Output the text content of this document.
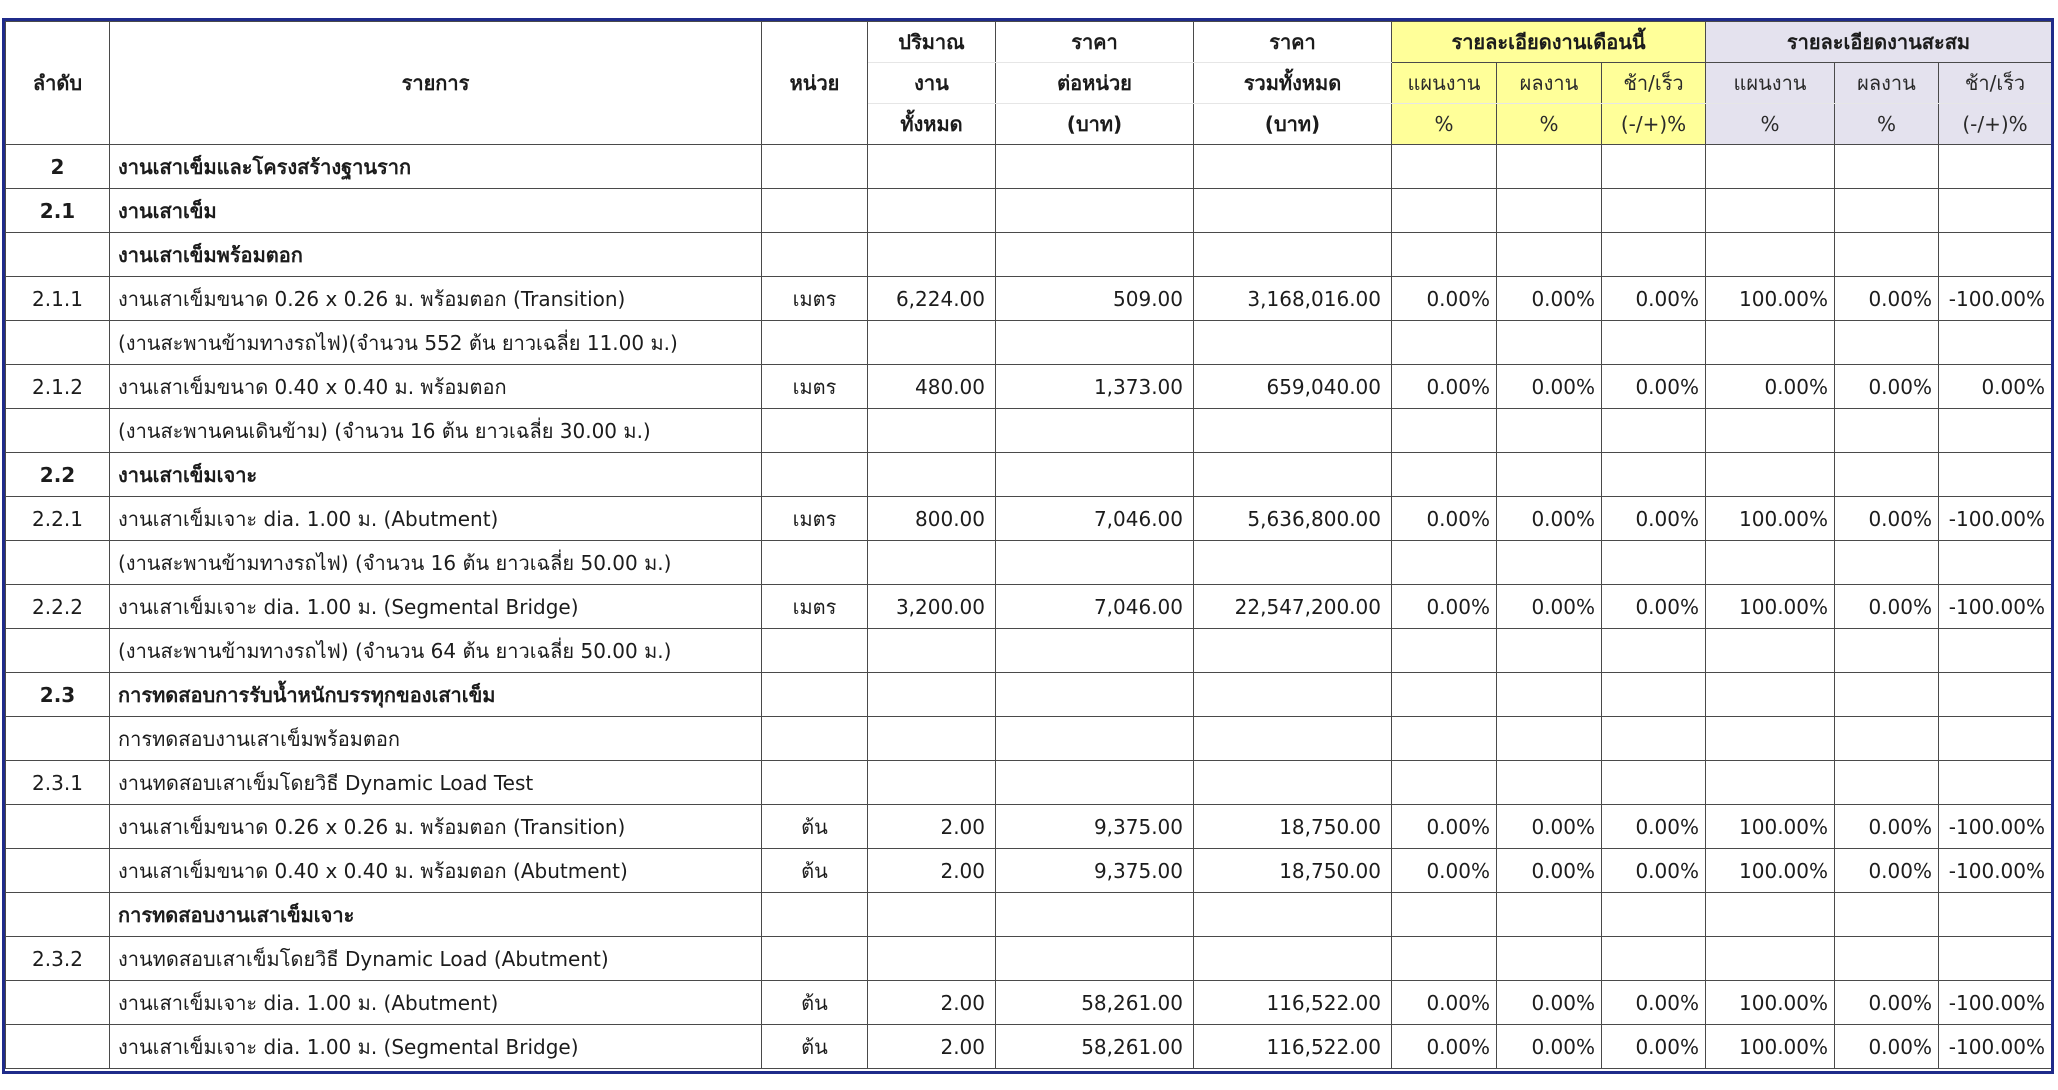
ลำดับ	รายการ	หน่วย	ปริมาณ	ราคา	ราคา	รายละเอียดงานเดือนนี้			รายละเอียดงานสะสม		
			งาน	ต่อหน่วย	รวมทั้งหมด	แผนงาน	ผลงาน	ช้า/เร็ว	แผนงาน	ผลงาน	ช้า/เร็ว
			ทั้งหมด	(บาท)	(บาท)	%	%	(-/+)%	%	%	(-/+)%
2	งานเสาเข็มและโครงสร้างฐานราก										
2.1	งานเสาเข็ม										
	งานเสาเข็มพร้อมตอก										
2.1.1	งานเสาเข็มขนาด 0.26 x 0.26 ม. พร้อมตอก (Transition)	เมตร	6,224.00	509.00	3,168,016.00	0.00%	0.00%	0.00%	100.00%	0.00%	-100.00%
	(งานสะพานข้ามทางรถไฟ)(จำนวน 552 ต้น ยาวเฉลี่ย 11.00 ม.)										
2.1.2	งานเสาเข็มขนาด 0.40 x 0.40 ม. พร้อมตอก	เมตร	480.00	1,373.00	659,040.00	0.00%	0.00%	0.00%	0.00%	0.00%	0.00%
	(งานสะพานคนเดินข้าม) (จำนวน 16 ต้น ยาวเฉลี่ย 30.00 ม.)										
2.2	งานเสาเข็มเจาะ										
2.2.1	งานเสาเข็มเจาะ dia. 1.00 ม. (Abutment)	เมตร	800.00	7,046.00	5,636,800.00	0.00%	0.00%	0.00%	100.00%	0.00%	-100.00%
	(งานสะพานข้ามทางรถไฟ) (จำนวน 16 ต้น ยาวเฉลี่ย 50.00 ม.)										
2.2.2	งานเสาเข็มเจาะ dia. 1.00 ม. (Segmental Bridge)	เมตร	3,200.00	7,046.00	22,547,200.00	0.00%	0.00%	0.00%	100.00%	0.00%	-100.00%
	(งานสะพานข้ามทางรถไฟ) (จำนวน 64 ต้น ยาวเฉลี่ย 50.00 ม.)										
2.3	การทดสอบการรับน้ำหนักบรรทุกของเสาเข็ม										
	การทดสอบงานเสาเข็มพร้อมตอก										
2.3.1	งานทดสอบเสาเข็มโดยวิธี Dynamic Load Test										
	งานเสาเข็มขนาด 0.26 x 0.26 ม. พร้อมตอก (Transition)	ต้น	2.00	9,375.00	18,750.00	0.00%	0.00%	0.00%	100.00%	0.00%	-100.00%
	งานเสาเข็มขนาด 0.40 x 0.40 ม. พร้อมตอก (Abutment)	ต้น	2.00	9,375.00	18,750.00	0.00%	0.00%	0.00%	100.00%	0.00%	-100.00%
	การทดสอบงานเสาเข็มเจาะ										
2.3.2	งานทดสอบเสาเข็มโดยวิธี Dynamic Load (Abutment)										
	งานเสาเข็มเจาะ dia. 1.00 ม. (Abutment)	ต้น	2.00	58,261.00	116,522.00	0.00%	0.00%	0.00%	100.00%	0.00%	-100.00%
	งานเสาเข็มเจาะ dia. 1.00 ม. (Segmental Bridge)	ต้น	2.00	58,261.00	116,522.00	0.00%	0.00%	0.00%	100.00%	0.00%	-100.00%
